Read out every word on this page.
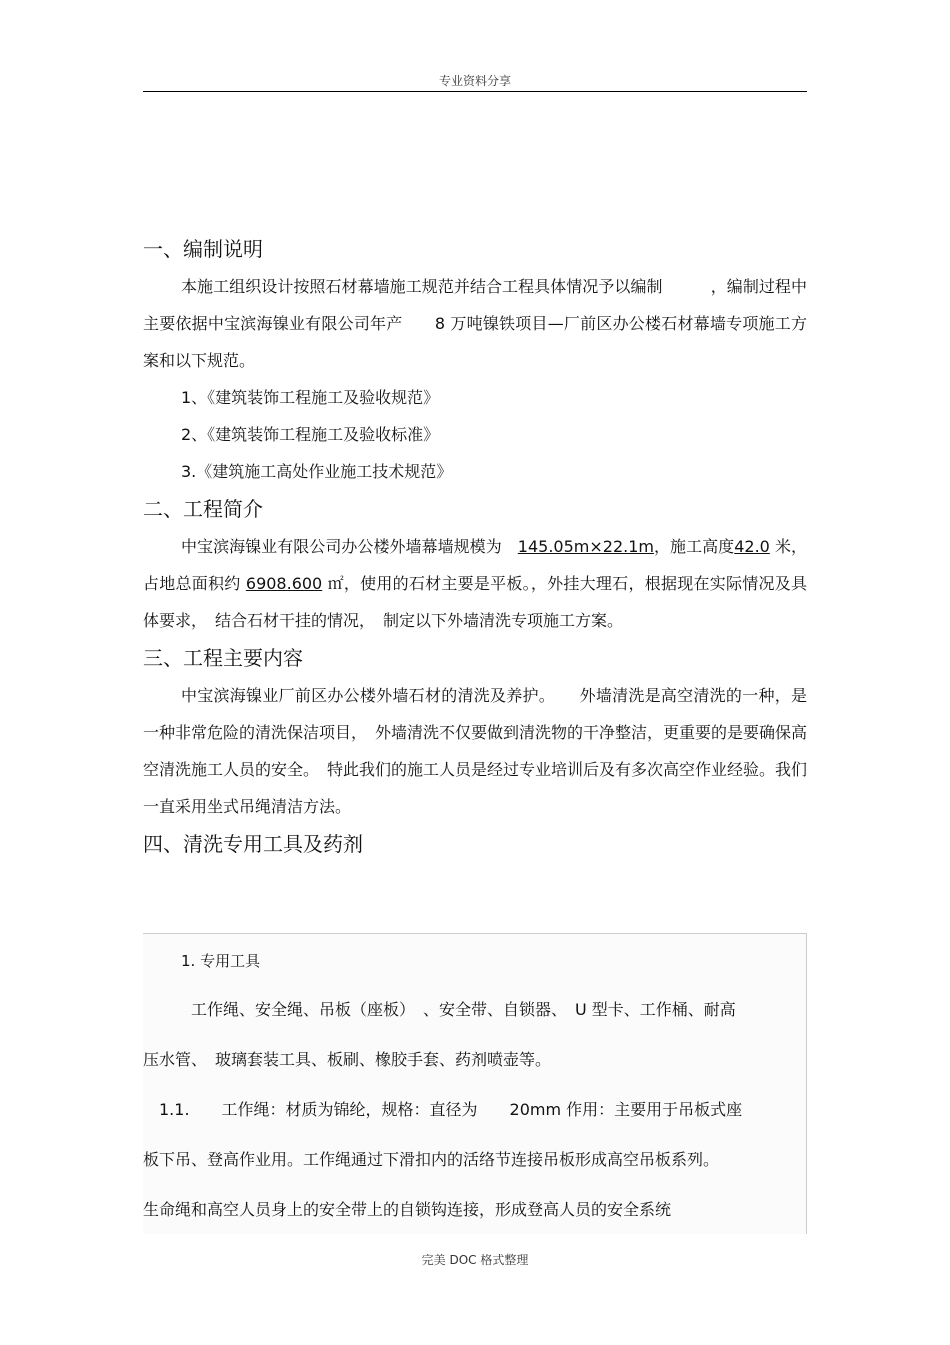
专业资料分享
一、编制说明
本施工组织设计按照石材幕墙施工规范并结合工程具体情况予以编制　　　，编制过程中主要依据中宝滨海镍业有限公司年产　　8 万吨镍铁项目—厂前区办公楼石材幕墙专项施工方案和以下规范。
1、《建筑装饰工程施工及验收规范》
2、《建筑装饰工程施工及验收标准》
3.《建筑施工高处作业施工技术规范》
二、工程简介
中宝滨海镍业有限公司办公楼外墙幕墙规模为　145.05m×22.1m，施工高度42.0 米，占地总面积约 6908.600 ㎡，使用的石材主要是平板。，外挂大理石，根据现在实际情况及具体要求，　结合石材干挂的情况，　制定以下外墙清洗专项施工方案。
三、工程主要内容
中宝滨海镍业厂前区办公楼外墙石材的清洗及养护。　　外墙清洗是高空清洗的一种，是一种非常危险的清洗保洁项目，　外墙清洗不仅要做到清洗物的干净整洁，更重要的是要确保高空清洗施工人员的安全。　特此我们的施工人员是经过专业培训后及有多次高空作业经验。我们一直采用坐式吊绳清洁方法。
四、清洗专用工具及药剂
1. 专用工具
　　　工作绳、安全绳、吊板（座板）　、安全带、自锁器、　U 型卡、工作桶、耐高
压水管、　玻璃套装工具、板刷、橡胶手套、药剂喷壶等。
　1.1.　　工作绳：材质为锦纶，规格：直径为　　20mm 作用：主要用于吊板式座
板下吊、登高作业用。工作绳通过下滑扣内的活络节连接吊板形成高空吊板系列。
生命绳和高空人员身上的安全带上的自锁钩连接，形成登高人员的安全系统
完美 DOC 格式整理
